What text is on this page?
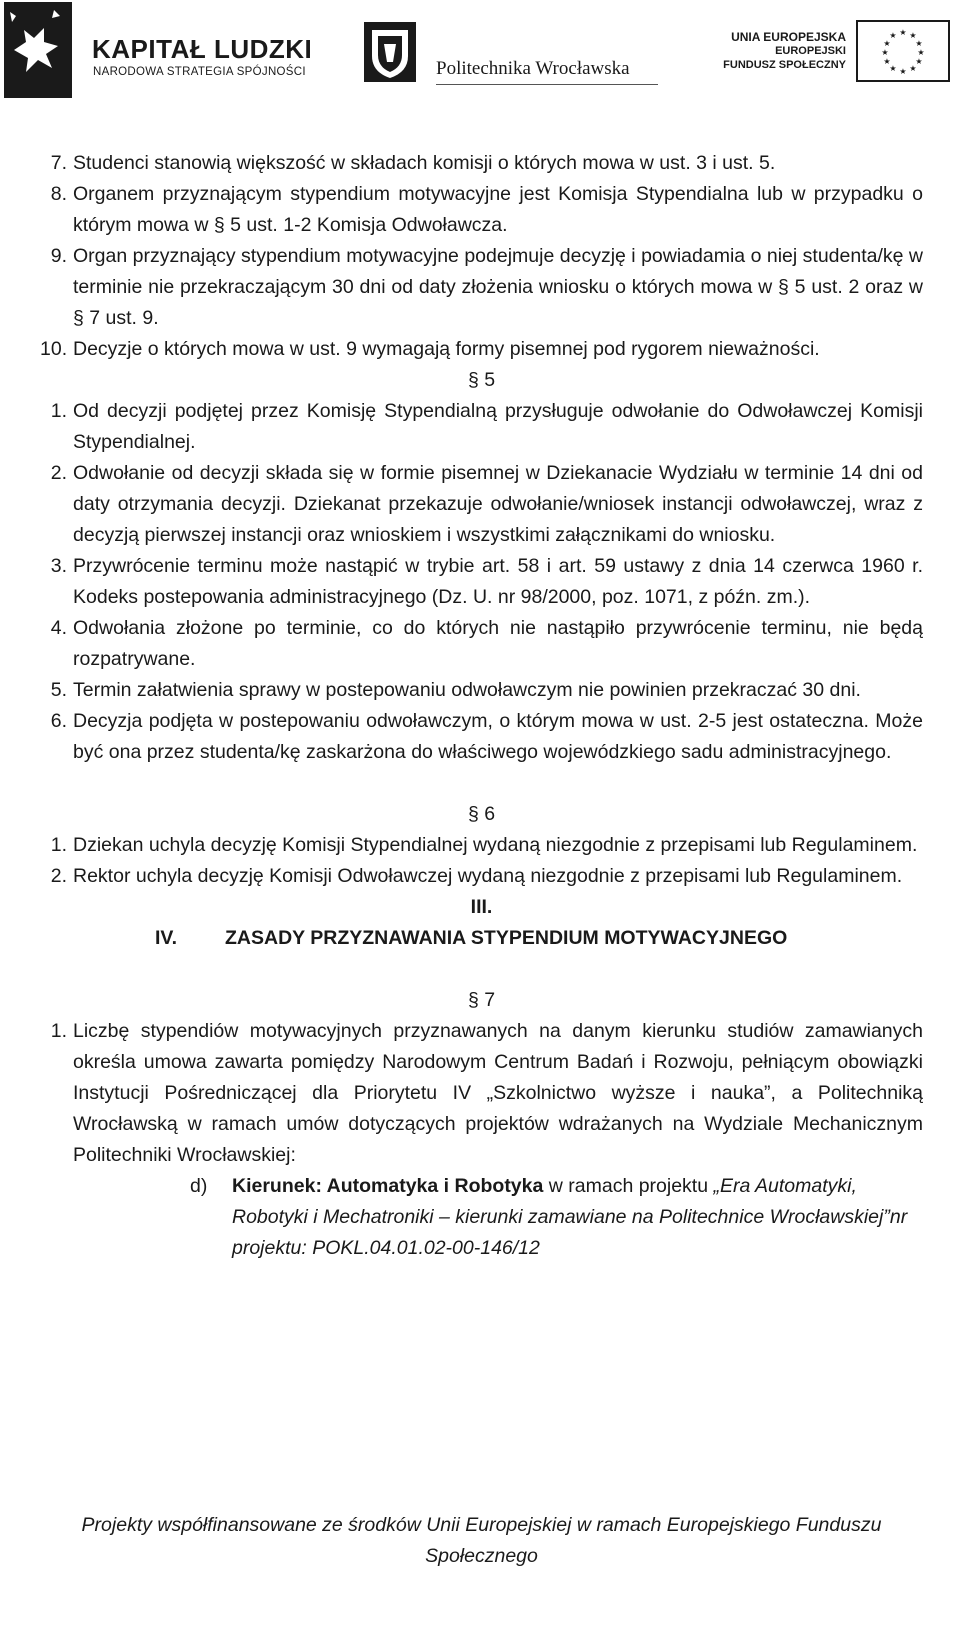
KAPITAŁ LUDZKI
NARODOWA STRATEGIA SPÓJNOŚCI	Politechnika Wrocławska
UNIA EUROPEJSKA
EUROPEJSKI
FUNDUSZ SPOŁECZNY
★ ★
★
★
★
★
★
★
★
★
★
★
7. Studenci stanowią większość w składach komisji o których mowa w ust. 3 i ust. 5.
8. Organem przyznającym stypendium motywacyjne jest Komisja Stypendialna lub w przypadku o którym mowa w § 5 ust. 1-2 Komisja Odwoławcza.
9. Organ przyznający stypendium motywacyjne podejmuje decyzję i powiadamia o niej studenta/kę w terminie nie przekraczającym 30 dni od daty złożenia wniosku o których mowa w § 5 ust. 2 oraz w § 7 ust. 9.
10. Decyzje o których mowa w ust. 9 wymagają formy pisemnej pod rygorem nieważności.
§ 5
1. Od decyzji podjętej przez Komisję Stypendialną przysługuje odwołanie do Odwoławczej Komisji Stypendialnej.
2. Odwołanie od decyzji składa się w formie pisemnej w Dziekanacie Wydziału w terminie 14 dni od daty otrzymania decyzji. Dziekanat przekazuje odwołanie/wniosek instancji odwoławczej, wraz z decyzją pierwszej instancji oraz wnioskiem i wszystkimi załącznikami do wniosku.
3. Przywrócenie terminu może nastąpić w trybie art. 58 i art. 59 ustawy z dnia 14 czerwca 1960 r. Kodeks postepowania administracyjnego (Dz. U. nr 98/2000, poz. 1071, z późn. zm.).
4. Odwołania złożone po terminie, co do których nie nastąpiło przywrócenie terminu, nie będą rozpatrywane.
5. Termin załatwienia sprawy w postepowaniu odwoławczym nie powinien przekraczać 30 dni.
6. Decyzja podjęta w postepowaniu odwoławczym, o którym mowa w ust. 2-5 jest ostateczna. Może być ona przez studenta/kę zaskarżona do właściwego wojewódzkiego sadu administracyjnego.
§ 6
1. Dziekan uchyla decyzję Komisji Stypendialnej wydaną niezgodnie z przepisami lub Regulaminem.
2. Rektor uchyla decyzję Komisji Odwoławczej wydaną niezgodnie z przepisami lub Regulaminem.
III.
IV.	ZASADY PRZYZNAWANIA STYPENDIUM MOTYWACYJNEGO
§ 7
1. Liczbę stypendiów motywacyjnych przyznawanych na danym kierunku studiów zamawianych określa umowa zawarta pomiędzy Narodowym Centrum Badań i Rozwoju, pełniącym obowiązki Instytucji Pośredniczącej dla Priorytetu IV „Szkolnictwo wyższe i nauka”, a Politechniką Wrocławską w ramach umów dotyczących projektów wdrażanych na Wydziale Mechanicznym Politechniki Wrocławskiej:
d)	Kierunek: Automatyka i Robotyka w ramach projektu „Era Automatyki, Robotyki i Mechatroniki – kierunki zamawiane na Politechnice Wrocławskiej”nr projektu: POKL.04.01.02-00-146/12
Projekty współfinansowane ze środków Unii Europejskiej w ramach Europejskiego Funduszu Społecznego
